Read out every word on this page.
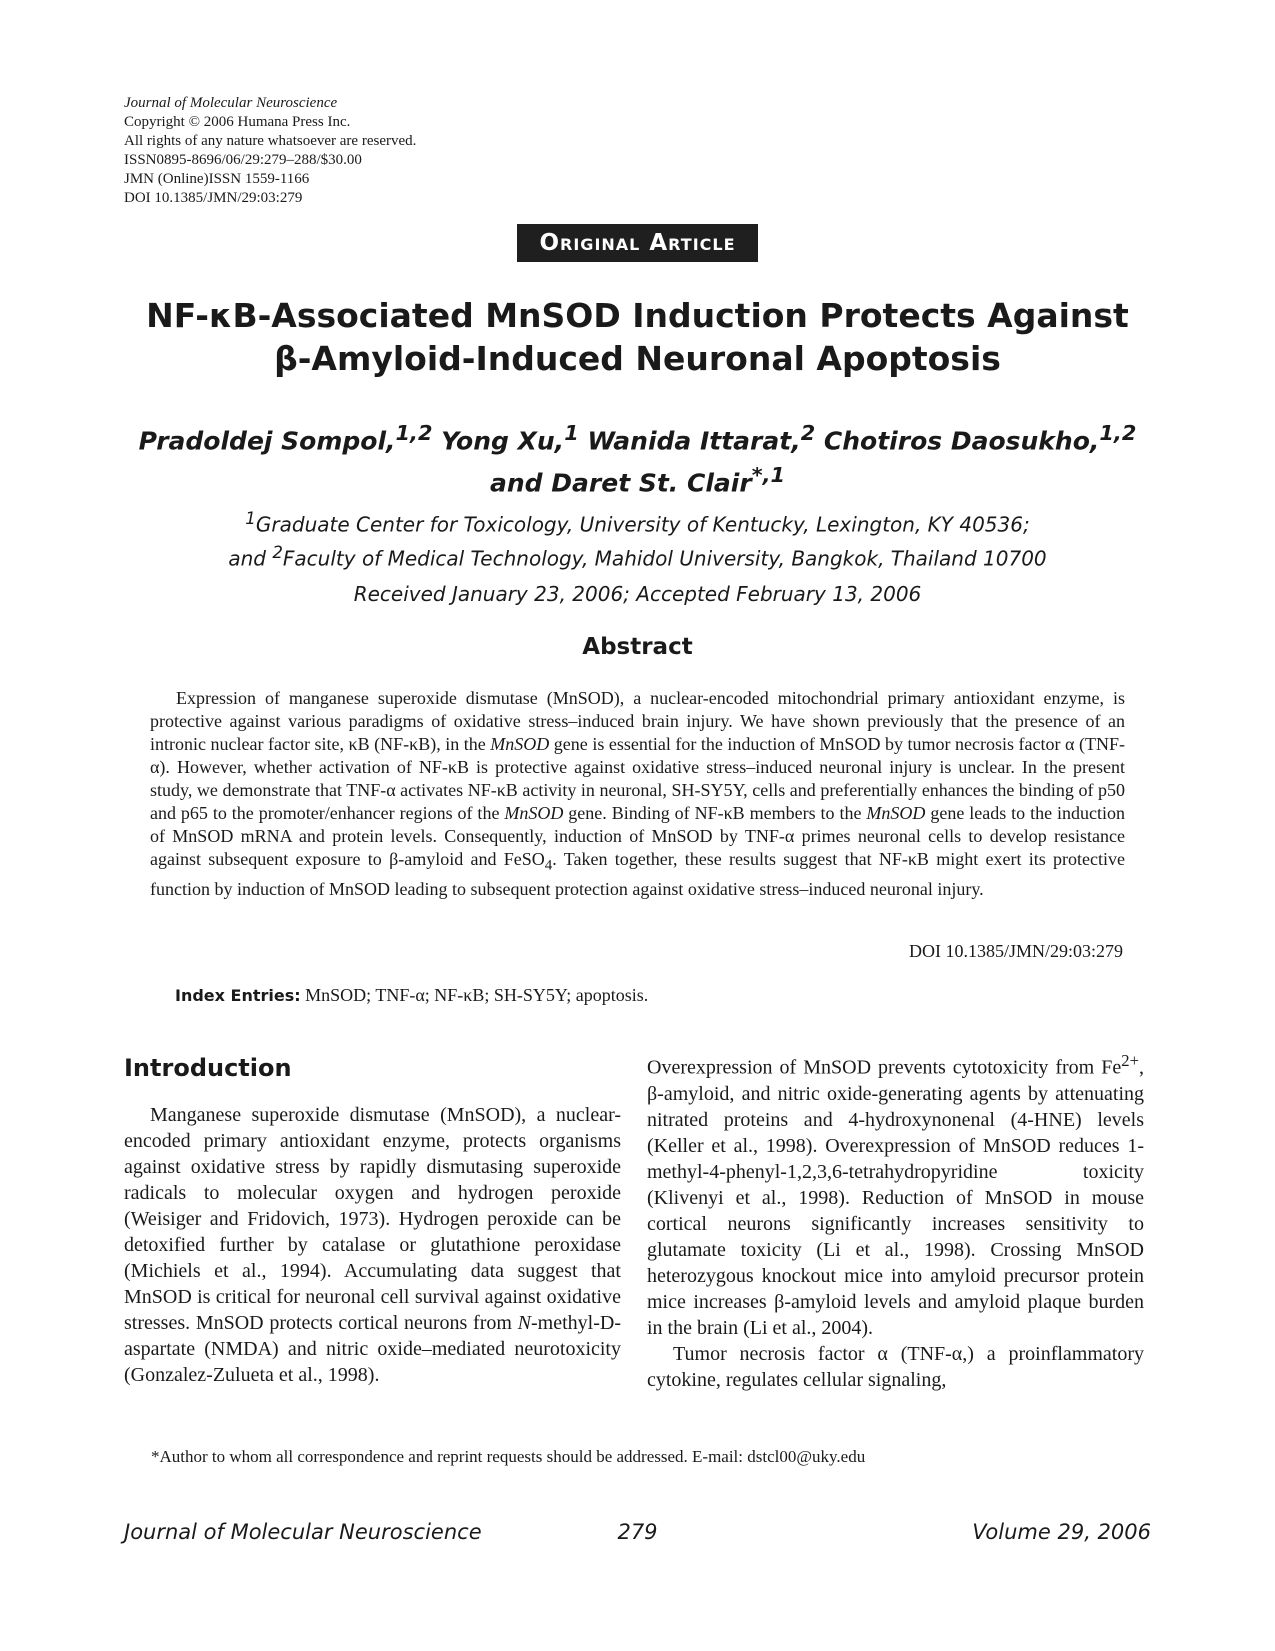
Journal of Molecular Neuroscience
Copyright © 2006 Humana Press Inc.
All rights of any nature whatsoever are reserved.
ISSN0895-8696/06/29:279–288/$30.00
JMN (Online)ISSN 1559-1166
DOI 10.1385/JMN/29:03:279
Original Article
NF-κB-Associated MnSOD Induction Protects Against
β-Amyloid-Induced Neuronal Apoptosis
Pradoldej Sompol,$^{1,2}$ Yong Xu,$^1$ Wanida Ittarat,$^2$ Chotiros Daosukho,$^{1,2}$
and Daret St. Clair$^{*,1}$
$^1$Graduate Center for Toxicology, University of Kentucky, Lexington, KY 40536;
and $^2$Faculty of Medical Technology, Mahidol University, Bangkok, Thailand 10700
Received January 23, 2006; Accepted February 13, 2006
Abstract

Expression of manganese superoxide dismutase (MnSOD), a nuclear-encoded mitochondrial primary antioxidant enzyme, is protective against various paradigms of oxidative stress–induced brain injury. We have shown previously that the presence of an intronic nuclear factor site, κB (NF-κB), in the MnSOD gene is essential for the induction of MnSOD by tumor necrosis factor α (TNF-α). However, whether activation of NF-κB is protective against oxidative stress–induced neuronal injury is unclear. In the present study, we demonstrate that TNF-α activates NF-κB activity in neuronal, SH-SY5Y, cells and preferentially enhances the binding of p50 and p65 to the promoter/enhancer regions of the MnSOD gene. Binding of NF-κB members to the MnSOD gene leads to the induction of MnSOD mRNA and protein levels. Consequently, induction of MnSOD by TNF-α primes neuronal cells to develop resistance against subsequent exposure to β-amyloid and FeSO$_4$. Taken together, these results suggest that NF-κB might exert its protective function by induction of MnSOD leading to subsequent protection against oxidative stress–induced neuronal injury.

DOI 10.1385/JMN/29:03:279
Index Entries: MnSOD; TNF-α; NF-κB; SH-SY5Y; apoptosis.
Introduction

Manganese superoxide dismutase (MnSOD), a nuclear-encoded primary antioxidant enzyme, protects organisms against oxidative stress by rapidly dismutasing superoxide radicals to molecular oxygen and hydrogen peroxide (Weisiger and Fridovich, 1973). Hydrogen peroxide can be detoxified further by catalase or glutathione peroxidase (Michiels et al., 1994). Accumulating data suggest that MnSOD is critical for neuronal cell survival against oxidative stresses. MnSOD protects cortical neurons from N-methyl-D-aspartate (NMDA) and nitric oxide–mediated neurotoxicity (Gonzalez-Zulueta et al., 1998).

Overexpression of MnSOD prevents cytotoxicity from $Fe^{2+}$, β-amyloid, and nitric oxide-generating agents by attenuating nitrated proteins and 4-hydroxynonenal (4-HNE) levels (Keller et al., 1998). Overexpression of MnSOD reduces 1-methyl-4-phenyl-1,2,3,6-tetrahydropyridine toxicity (Klivenyi et al., 1998). Reduction of MnSOD in mouse cortical neurons significantly increases sensitivity to glutamate toxicity (Li et al., 1998). Crossing MnSOD heterozygous knockout mice into amyloid precursor protein mice increases β-amyloid levels and amyloid plaque burden in the brain (Li et al., 2004).

Tumor necrosis factor α (TNF-α,) a proinflammatory cytokine, regulates cellular signaling,

*Author to whom all correspondence and reprint requests should be addressed. E-mail: dstcl00@uky.edu
Journal of Molecular Neuroscience	279	Volume 29, 2006
